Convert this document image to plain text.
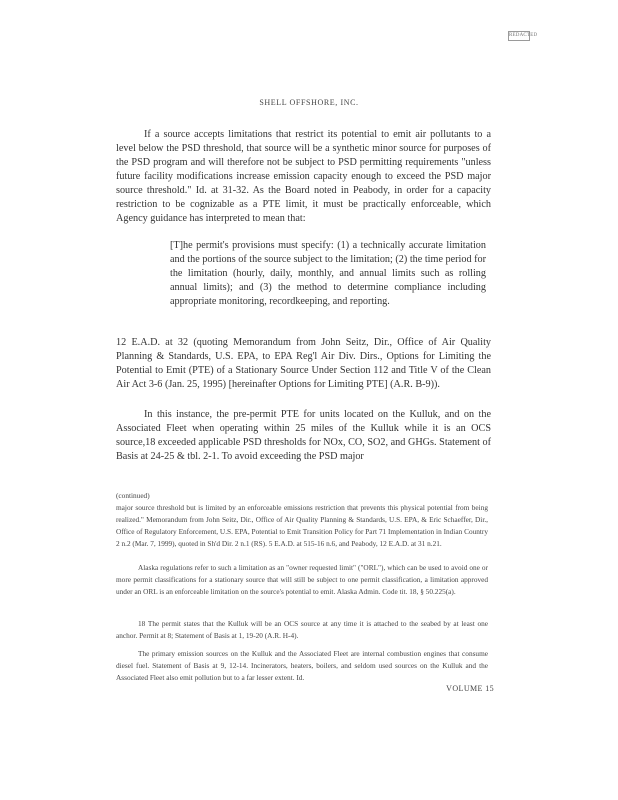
REDACTED
SHELL OFFSHORE, INC.
If a source accepts limitations that restrict its potential to emit air pollutants to a level below the PSD threshold, that source will be a synthetic minor source for purposes of the PSD program and will therefore not be subject to PSD permitting requirements "unless future facility modifications increase emission capacity enough to exceed the PSD major source threshold." Id. at 31-32. As the Board noted in Peabody, in order for a capacity restriction to be cognizable as a PTE limit, it must be practically enforceable, which Agency guidance has interpreted to mean that:
[T]he permit's provisions must specify: (1) a technically accurate limitation and the portions of the source subject to the limitation; (2) the time period for the limitation (hourly, daily, monthly, and annual limits such as rolling annual limits); and (3) the method to determine compliance including appropriate monitoring, recordkeeping, and reporting.
12 E.A.D. at 32 (quoting Memorandum from John Seitz, Dir., Office of Air Quality Planning & Standards, U.S. EPA, to EPA Reg'l Air Div. Dirs., Options for Limiting the Potential to Emit (PTE) of a Stationary Source Under Section 112 and Title V of the Clean Air Act 3-6 (Jan. 25, 1995) [hereinafter Options for Limiting PTE] (A.R. B-9)).
In this instance, the pre-permit PTE for units located on the Kulluk, and on the Associated Fleet when operating within 25 miles of the Kulluk while it is an OCS source,18 exceeded applicable PSD thresholds for NOx, CO, SO2, and GHGs. Statement of Basis at 24-25 & tbl. 2-1. To avoid exceeding the PSD major
(continued)
major source threshold but is limited by an enforceable emissions restriction that prevents this physical potential from being realized." Memorandum from John Seitz, Dir., Office of Air Quality Planning & Standards, U.S. EPA, & Eric Schaeffer, Dir., Office of Regulatory Enforcement, U.S. EPA, Potential to Emit Transition Policy for Part 71 Implementation in Indian Country 2 n.2 (Mar. 7, 1999), quoted in Sh'd Dir. 2 n.1 (RS). 5 E.A.D. at 515-16 n.6, and Peabody, 12 E.A.D. at 31 n.21.
Alaska regulations refer to such a limitation as an "owner requested limit" ("ORL"), which can be used to avoid one or more permit classifications for a stationary source that will still be subject to one permit classification, a limitation approved under an ORL is an enforceable limitation on the source's potential to emit. Alaska Admin. Code tit. 18, § 50.225(a).
18 The permit states that the Kulluk will be an OCS source at any time it is attached to the seabed by at least one anchor. Permit at 8; Statement of Basis at 1, 19-20 (A.R. H-4).
The primary emission sources on the Kulluk and the Associated Fleet are internal combustion engines that consume diesel fuel. Statement of Basis at 9, 12-14. Incinerators, heaters, boilers, and seldom used sources on the Kulluk and the Associated Fleet also emit pollution but to a far lesser extent. Id.
VOLUME 15
